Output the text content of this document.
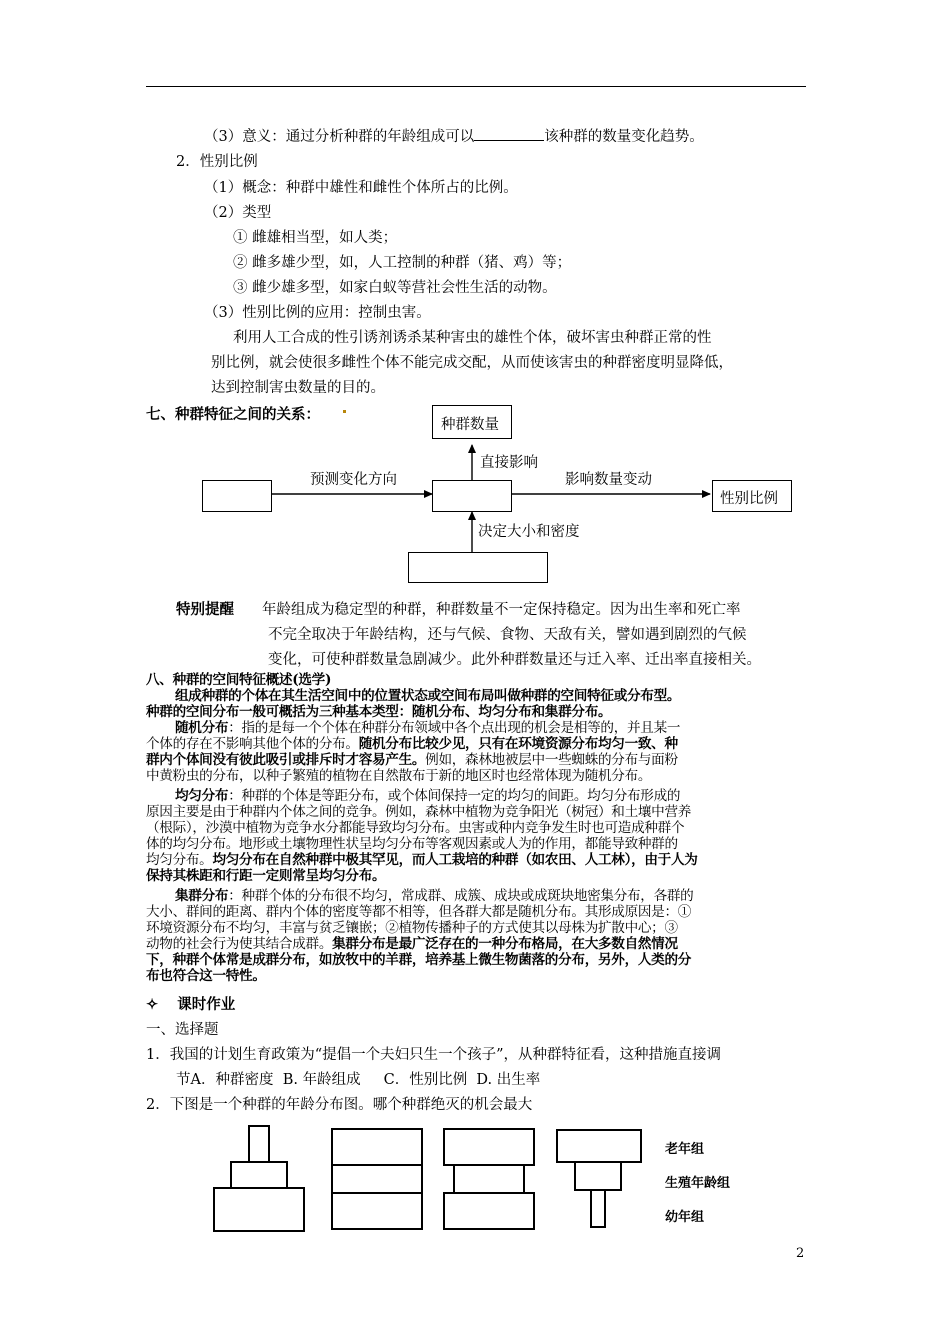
（3）意义：通过分析种群的年龄组成可以	该种群的数量变化趋势。
2．性别比例
（1）概念：种群中雄性和雌性个体所占的比例。
（2）类型
① 雌雄相当型，如人类；
② 雌多雄少型，如，人工控制的种群（猪、鸡）等；
③ 雌少雄多型，如家白蚁等营社会性生活的动物。
（3）性别比例的应用：控制虫害。
利用人工合成的性引诱剂诱杀某种害虫的雄性个体，破坏害虫种群正常的性
别比例，就会使很多雌性个体不能完成交配，从而使该害虫的种群密度明显降低，
达到控制害虫数量的目的。
七、种群特征之间的关系：
种群数量
性别比例
直接影响
预测变化方向	影响数量变动
决定大小和密度
特别提醒 年龄组成为稳定型的种群，种群数量不一定保持稳定。因为出生率和死亡率
不完全取决于年龄结构，还与气候、食物、天敌有关，譬如遇到剧烈的气候
变化，可使种群数量急剧减少。此外种群数量还与迁入率、迁出率直接相关。
八、种群的空间特征概述(选学)
组成种群的个体在其生活空间中的位置状态或空间布局叫做种群的空间特征或分布型。
种群的空间分布一般可概括为三种基本类型：随机分布、均匀分布和集群分布。
随机分布：指的是每一个个体在种群分布领域中各个点出现的机会是相等的，并且某一
个体的存在不影响其他个体的分布。随机分布比较少见，只有在环境资源分布均匀一致、种
群内个体间没有彼此吸引或排斥时才容易产生。例如，森林地被层中一些蜘蛛的分布与面粉
中黄粉虫的分布，以种子繁殖的植物在自然散布于新的地区时也经常体现为随机分布。
均匀分布：种群的个体是等距分布，或个体间保持一定的均匀的间距。均匀分布形成的
原因主要是由于种群内个体之间的竞争。例如，森林中植物为竞争阳光（树冠）和土壤中营养
（根际），沙漠中植物为竞争水分都能导致均匀分布。虫害或种内竞争发生时也可造成种群个
体的均匀分布。地形或土壤物理性状呈均匀分布等客观因素或人为的作用，都能导致种群的
均匀分布。均匀分布在自然种群中极其罕见，而人工栽培的种群（如农田、人工林），由于人为
保持其株距和行距一定则常呈均匀分布。
集群分布：种群个体的分布很不均匀，常成群、成簇、成块或成斑块地密集分布，各群的
大小、群间的距离、群内个体的密度等都不相等，但各群大都是随机分布。其形成原因是：①
环境资源分布不均匀，丰富与贫乏镶嵌；②植物传播种子的方式使其以母株为扩散中心；③
动物的社会行为使其结合成群。集群分布是最广泛存在的一种分布格局，在大多数自然情况
下，种群个体常是成群分布，如放牧中的羊群，培养基上微生物菌落的分布，另外，人类的分
布也符合这一特性。
✧ 课时作业
一、选择题
1．我国的计划生育政策为“提倡一个夫妇只生一个孩子”，从种群特征看，这种措施直接调
节A．种群密度  B. 年龄组成     C．性别比例  D. 出生率
2．下图是一个种群的年龄分布图。哪个种群绝灭的机会最大
老年组
生殖年龄组
幼年组
2
